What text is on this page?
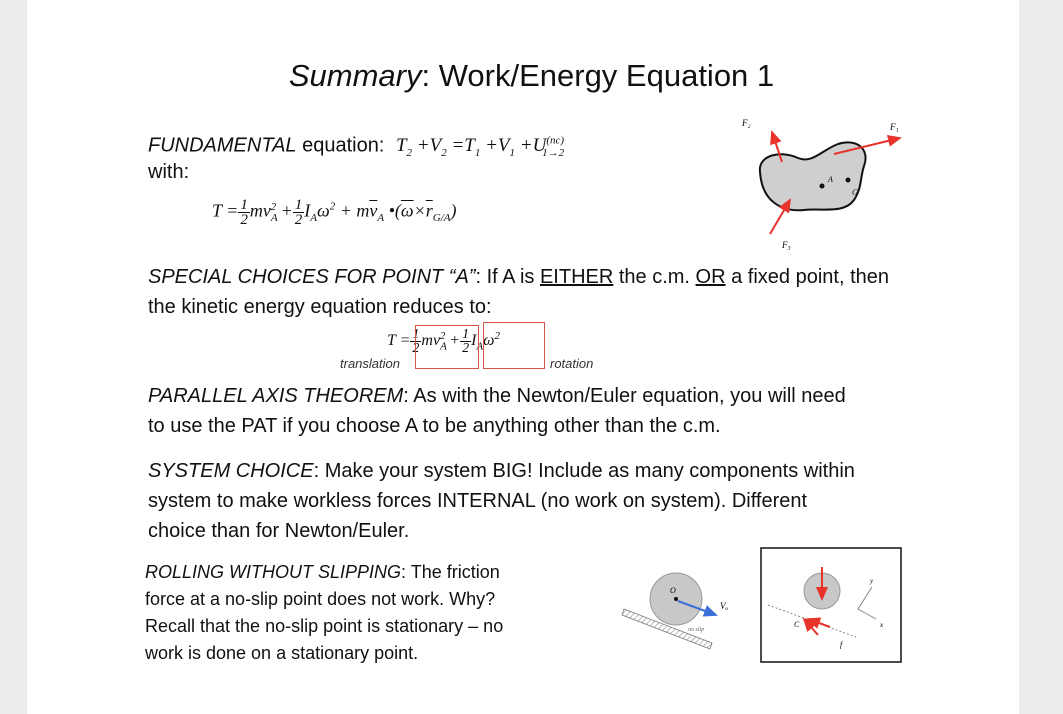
Summary: Work/Energy Equation 1
FUNDAMENTAL equation: $T_2 +V_2 =T_1 +V_1 +U^{(nc)}_{1\to 2}$
with:
$T = \frac{1}{2} mv_A^2 + \frac{1}{2} I_A\omega^2 + m\overline{v}_A$ $•(\overline{\omega}\times\overline{r}_{G/A})$
F₂	F₁
F₃
A
G
SPECIAL CHOICES FOR POINT “A”: If A is EITHER the c.m. OR a fixed point, then
the kinetic energy equation reduces to:
$T = \frac{1}{2} mv_A^2 + \frac{1}{2} I_A\omega^2$
translation	rotation
PARALLEL AXIS THEOREM: As with the Newton/Euler equation, you will need
to use the PAT if you choose A to be anything other than the c.m.
SYSTEM CHOICE: Make your system BIG! Include as many components within
system to make workless forces INTERNAL (no work on system). Different
choice than for Newton/Euler.
ROLLING WITHOUT SLIPPING: The friction
force at a no-slip point does not work. Why?
Recall that the no-slip point is stationary – no
work is done on a stationary point.
O
Vₒ
no slip
C
f
x
y
